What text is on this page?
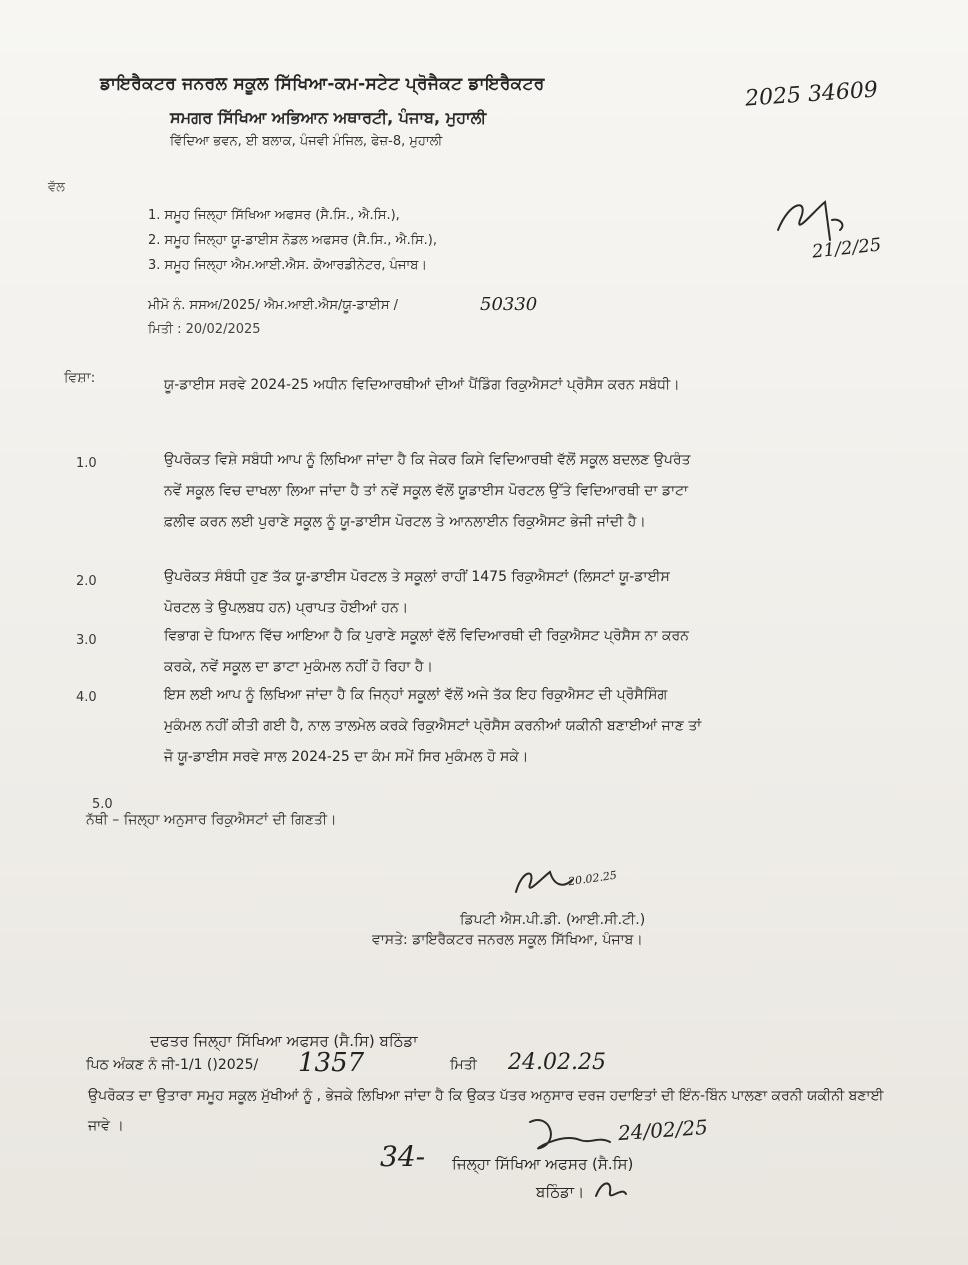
ਡਾਇਰੈਕਟਰ ਜਨਰਲ ਸਕੂਲ ਸਿੱਖਿਆ-ਕਮ-ਸਟੇਟ ਪ੍ਰੋਜੈਕਟ ਡਾਇਰੈਕਟਰ
ਸਮਗਰ ਸਿੱਖਿਆ ਅਭਿਆਨ ਅਥਾਰਟੀ, ਪੰਜਾਬ, ਮੁਹਾਲੀ
ਵਿੱਦਿਆ ਭਵਨ, ਈ ਬਲਾਕ, ਪੰਜਵੀ ਮੰਜਿਲ, ਫੇਜ਼-8, ਮੁਹਾਲੀ
2025 34609
21/2/25
ਵੱਲ
1. ਸਮੂਹ ਜਿਲ੍ਹਾ ਸਿੱਖਿਆ ਅਫਸਰ (ਸੈ.ਸਿ., ਐ.ਸਿ.),
2. ਸਮੂਹ ਜਿਲ੍ਹਾ ਯੂ-ਡਾਈਸ ਨੋਡਲ ਅਫਸਰ (ਸੈ.ਸਿ., ਐ.ਸਿ.),
3. ਸਮੂਹ ਜਿਲ੍ਹਾ ਐਮ.ਆਈ.ਐਸ. ਕੋਆਰਡੀਨੇਟਰ, ਪੰਜਾਬ।
ਮੀਮੋ ਨੰ. ਸਸਅ/2025/ ਐਮ.ਆਈ.ਐਸ/ਯੂ-ਡਾਈਸ /	50330
ਮਿਤੀ : 20/02/2025
ਵਿਸ਼ਾ:	ਯੂ-ਡਾਈਸ ਸਰਵੇ 2024-25 ਅਧੀਨ ਵਿਦਿਆਰਥੀਆਂ ਦੀਆਂ ਪੈਂਡਿੰਗ ਰਿਕੁਐਸਟਾਂ ਪ੍ਰੋਸੈਸ ਕਰਨ ਸਬੰਧੀ।
1.0	ਉਪਰੋਕਤ ਵਿਸ਼ੇ ਸਬੰਧੀ ਆਪ ਨੂੰ ਲਿਖਿਆ ਜਾਂਦਾ ਹੈ ਕਿ ਜੇਕਰ ਕਿਸੇ ਵਿਦਿਆਰਥੀ ਵੱਲੋਂ ਸਕੂਲ ਬਦਲਣ ਉਪਰੰਤ ਨਵੇਂ ਸਕੂਲ ਵਿਚ ਦਾਖਲਾ ਲਿਆ ਜਾਂਦਾ ਹੈ ਤਾਂ ਨਵੇਂ ਸਕੂਲ ਵੱਲੋਂ ਯੂਡਾਈਸ ਪੋਰਟਲ ਉੱਤੇ ਵਿਦਿਆਰਥੀ ਦਾ ਡਾਟਾ ਫ਼ਲੀਵ ਕਰਨ ਲਈ ਪੁਰਾਣੇ ਸਕੂਲ ਨੂੰ ਯੂ-ਡਾਈਸ ਪੋਰਟਲ ਤੇ ਆਨਲਾਈਨ ਰਿਕੁਐਸਟ ਭੇਜੀ ਜਾਂਦੀ ਹੈ।
2.0	ਉਪਰੋਕਤ ਸੰਬੰਧੀ ਹੁਣ ਤੱਕ ਯੂ-ਡਾਈਸ ਪੋਰਟਲ ਤੇ ਸਕੂਲਾਂ ਰਾਹੀਂ 1475 ਰਿਕੁਐਸਟਾਂ (ਲਿਸਟਾਂ ਯੂ-ਡਾਈਸ ਪੋਰਟਲ ਤੇ ਉਪਲਬਧ ਹਨ) ਪ੍ਰਾਪਤ ਹੋਈਆਂ ਹਨ।
3.0	ਵਿਭਾਗ ਦੇ ਧਿਆਨ ਵਿੱਚ ਆਇਆ ਹੈ ਕਿ ਪੁਰਾਣੇ ਸਕੂਲਾਂ ਵੱਲੋਂ ਵਿਦਿਆਰਥੀ ਦੀ ਰਿਕੁਐਸਟ ਪ੍ਰੋਸੈਸ ਨਾ ਕਰਨ ਕਰਕੇ, ਨਵੇਂ ਸਕੂਲ ਦਾ ਡਾਟਾ ਮੁਕੰਮਲ ਨਹੀਂ ਹੋ ਰਿਹਾ ਹੈ।
4.0	ਇਸ ਲਈ ਆਪ ਨੂੰ ਲਿਖਿਆ ਜਾਂਦਾ ਹੈ ਕਿ ਜਿਨ੍ਹਾਂ ਸਕੂਲਾਂ ਵੱਲੋਂ ਅਜੇ ਤੱਕ ਇਹ ਰਿਕੁਐਸਟ ਦੀ ਪ੍ਰੋਸੈਸਿੰਗ ਮੁਕੰਮਲ ਨਹੀਂ ਕੀਤੀ ਗਈ ਹੈ, ਨਾਲ ਤਾਲਮੇਲ ਕਰਕੇ ਰਿਕੁਐਸਟਾਂ ਪ੍ਰੋਸੈਸ ਕਰਨੀਆਂ ਯਕੀਨੀ ਬਣਾਈਆਂ ਜਾਣ ਤਾਂ ਜੋ ਯੂ-ਡਾਈਸ ਸਰਵੇ ਸਾਲ 2024-25 ਦਾ ਕੰਮ ਸਮੇਂ ਸਿਰ ਮੁਕੰਮਲ ਹੋ ਸਕੇ।
5.0
ਨੱਥੀ – ਜਿਲ੍ਹਾ ਅਨੁਸਾਰ ਰਿਕੁਐਸਟਾਂ ਦੀ ਗਿਣਤੀ।
20.02.25
ਡਿਪਟੀ ਐਸ.ਪੀ.ਡੀ. (ਆਈ.ਸੀ.ਟੀ.)
ਵਾਸਤੇ: ਡਾਇਰੈਕਟਰ ਜਨਰਲ ਸਕੂਲ ਸਿੱਖਿਆ, ਪੰਜਾਬ।
ਦਫਤਰ ਜਿਲ੍ਹਾ ਸਿੱਖਿਆ ਅਫਸਰ (ਸੈ.ਸਿ) ਬਠਿੰਡਾ
ਪਿਠ ਅੰਕਣ ਨੰ ਜੀ-1/1 ()2025/ 1357	ਮਿਤੀ 24.02.25
ਉਪਰੋਕਤ ਦਾ ਉਤਾਰਾ ਸਮੂਹ ਸਕੂਲ ਮੁੱਖੀਆਂ ਨੂੰ , ਭੇਜਕੇ ਲਿਖਿਆ ਜਾਂਦਾ ਹੈ ਕਿ ਉਕਤ ਪੱਤਰ ਅਨੁਸਾਰ ਦਰਜ ਹਦਾਇਤਾਂ ਦੀ ਇੰਨ-ਬਿੰਨ ਪਾਲਣਾ ਕਰਨੀ ਯਕੀਨੀ ਬਣਾਈ ਜਾਵੇ ।	24/02/25
34- ਜਿਲ੍ਹਾ ਸਿੱਖਿਆ ਅਫਸਰ (ਸੈ.ਸਿ)
ਬਠਿੰਡਾ।
